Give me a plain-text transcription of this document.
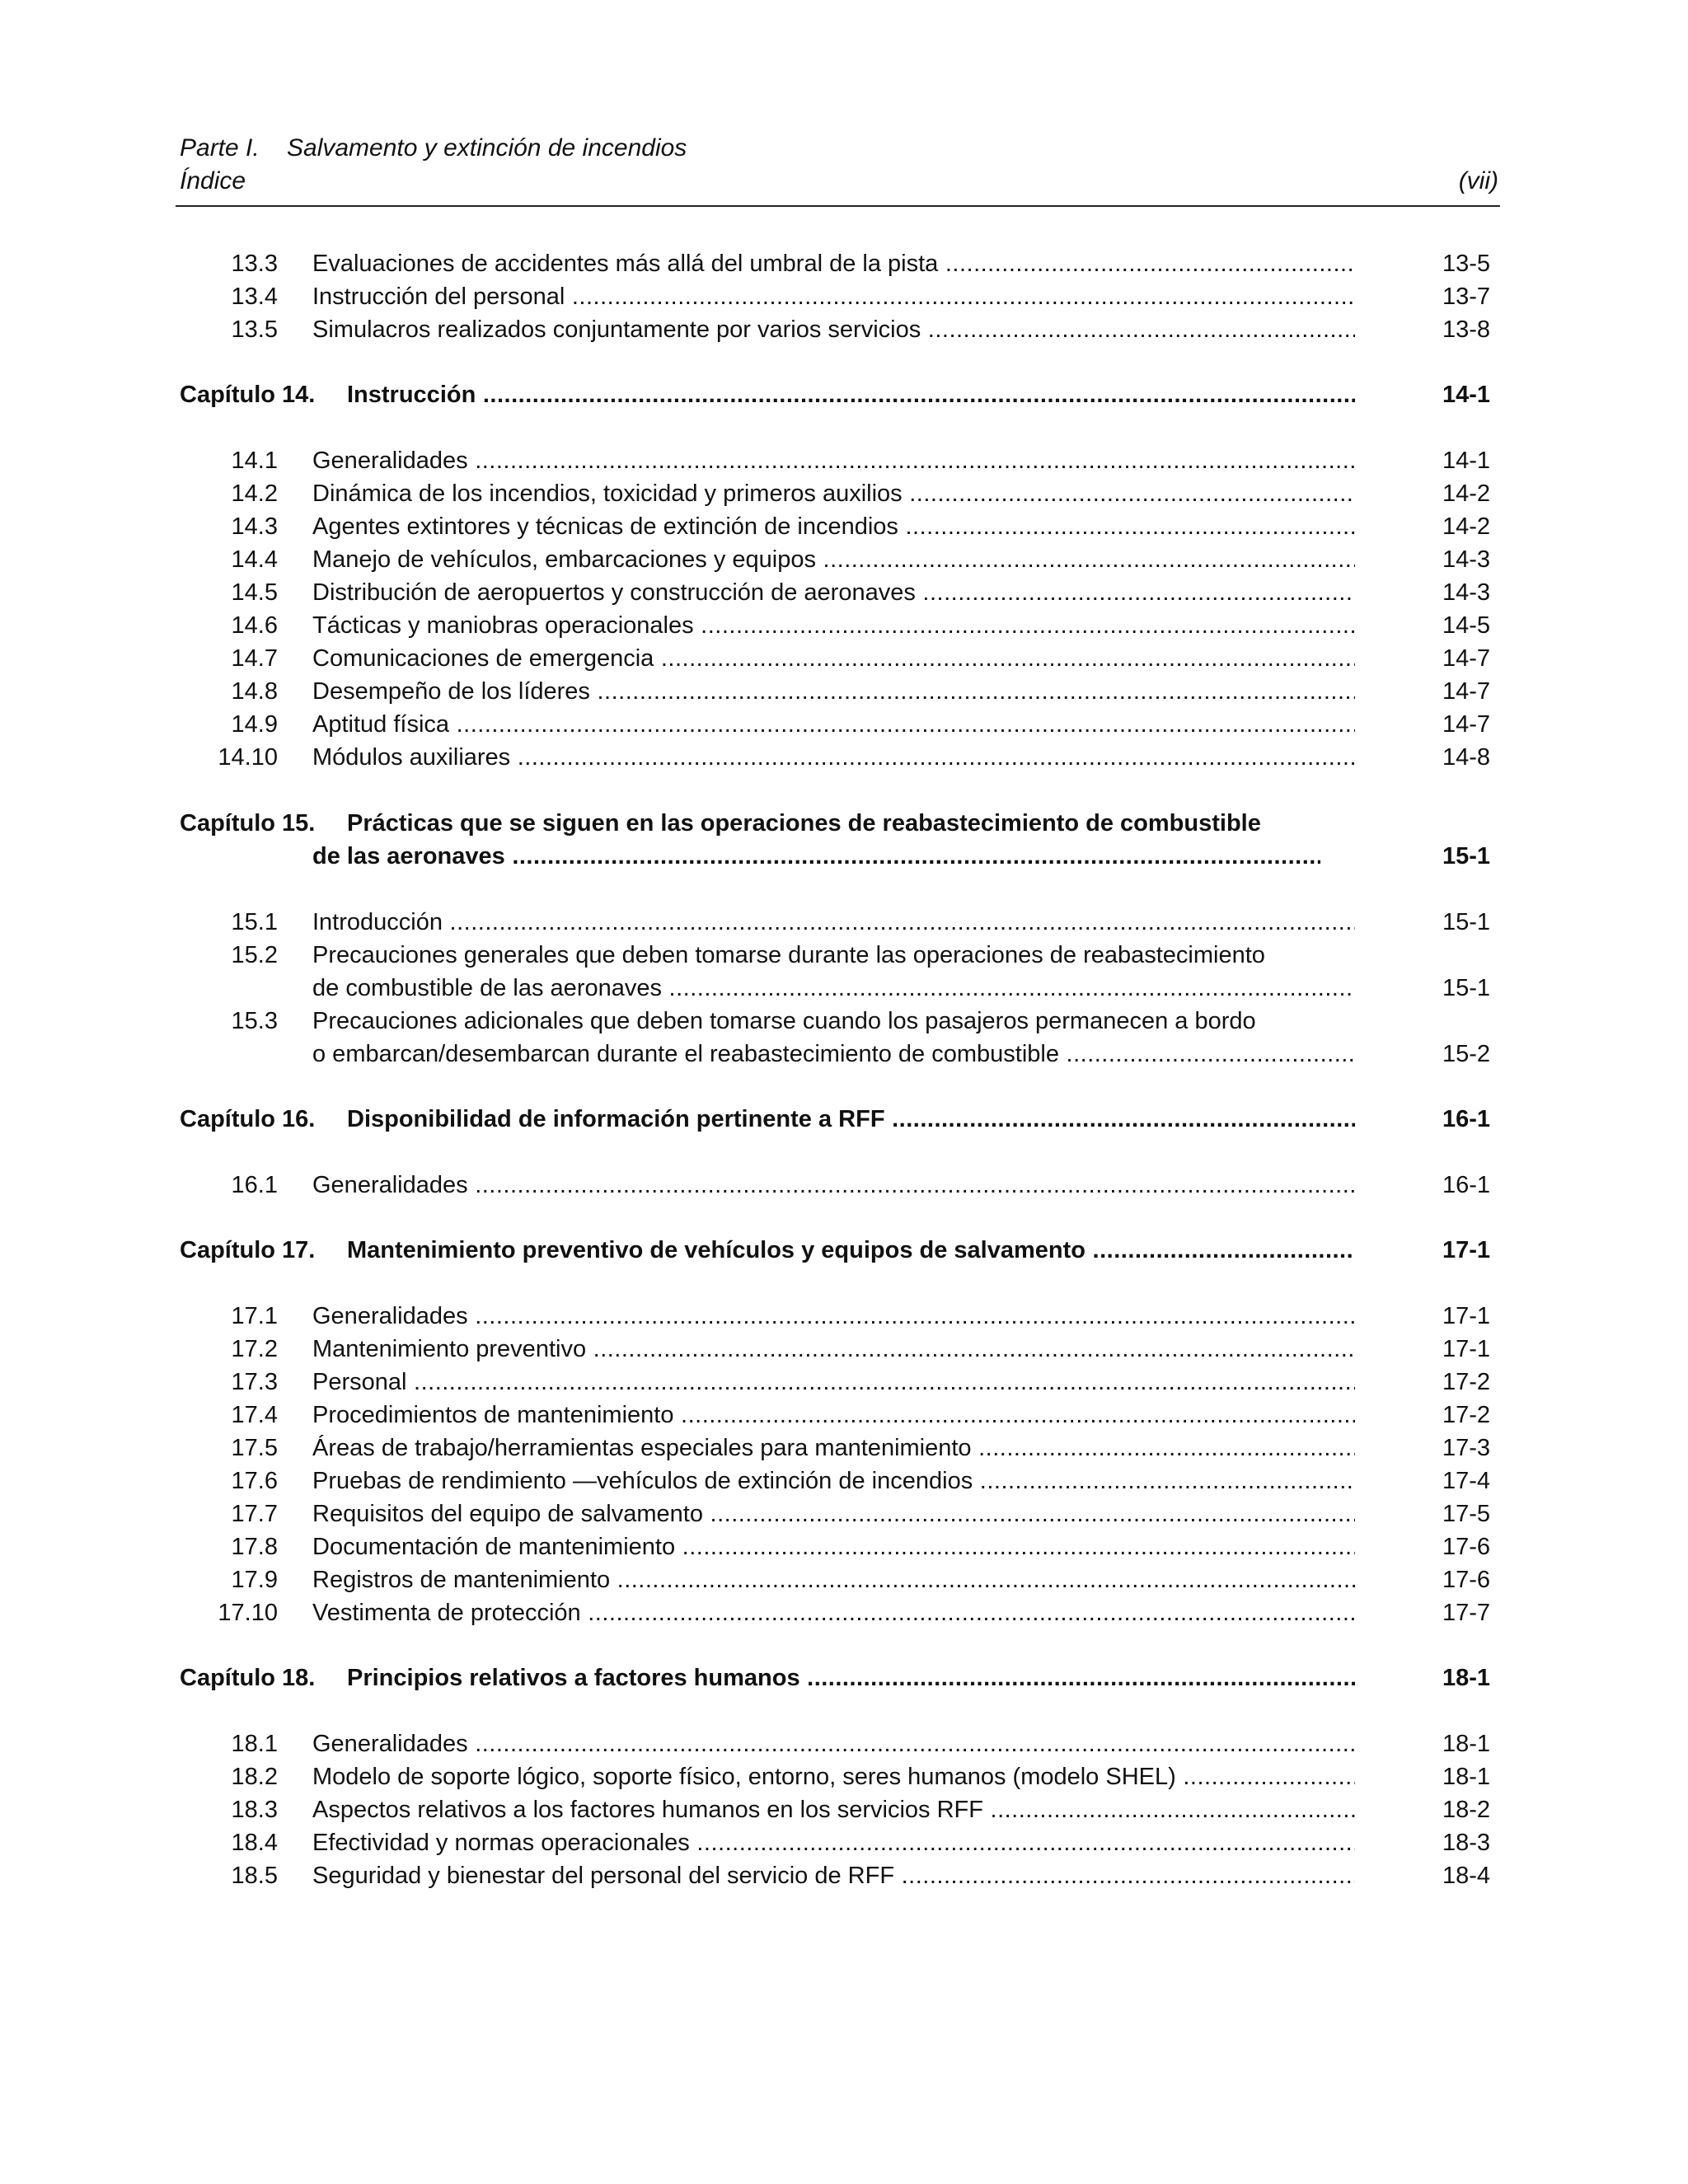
Parte I. Salvamento y extinción de incendios
Índice	(vii)
13.3 Evaluaciones de accidentes más allá del umbral de la pista .....	13-5
13.4 Instrucción del personal .....	13-7
13.5 Simulacros realizados conjuntamente por varios servicios .....	13-8
Capítulo 14. Instrucción .....	14-1
14.1 Generalidades .....	14-1
14.2 Dinámica de los incendios, toxicidad y primeros auxilios .....	14-2
14.3 Agentes extintores y técnicas de extinción de incendios .....	14-2
14.4 Manejo de vehículos, embarcaciones y equipos .....	14-3
14.5 Distribución de aeropuertos y construcción de aeronaves .....	14-3
14.6 Tácticas y maniobras operacionales .....	14-5
14.7 Comunicaciones de emergencia .....	14-7
14.8 Desempeño de los líderes .....	14-7
14.9 Aptitud física .....	14-7
14.10 Módulos auxiliares .....	14-8
Capítulo 15. Prácticas que se siguen en las operaciones de reabastecimiento de combustible
de las aeronaves .....	15-1
15.1 Introducción .....	15-1
15.2 Precauciones generales que deben tomarse durante las operaciones de reabastecimiento
de combustible de las aeronaves .....	15-1
15.3 Precauciones adicionales que deben tomarse cuando los pasajeros permanecen a bordo
o embarcan/desembarcan durante el reabastecimiento de combustible .....	15-2
Capítulo 16. Disponibilidad de información pertinente a RFF .....	16-1
16.1 Generalidades .....	16-1
Capítulo 17. Mantenimiento preventivo de vehículos y equipos de salvamento .....	17-1
17.1 Generalidades .....	17-1
17.2 Mantenimiento preventivo .....	17-1
17.3 Personal .....	17-2
17.4 Procedimientos de mantenimiento .....	17-2
17.5 Áreas de trabajo/herramientas especiales para mantenimiento .....	17-3
17.6 Pruebas de rendimiento —vehículos de extinción de incendios .....	17-4
17.7 Requisitos del equipo de salvamento .....	17-5
17.8 Documentación de mantenimiento .....	17-6
17.9 Registros de mantenimiento .....	17-6
17.10 Vestimenta de protección .....	17-7
Capítulo 18. Principios relativos a factores humanos .....	18-1
18.1 Generalidades .....	18-1
18.2 Modelo de soporte lógico, soporte físico, entorno, seres humanos (modelo SHEL) .....	18-1
18.3 Aspectos relativos a los factores humanos en los servicios RFF .....	18-2
18.4 Efectividad y normas operacionales .....	18-3
18.5 Seguridad y bienestar del personal del servicio de RFF .....	18-4
